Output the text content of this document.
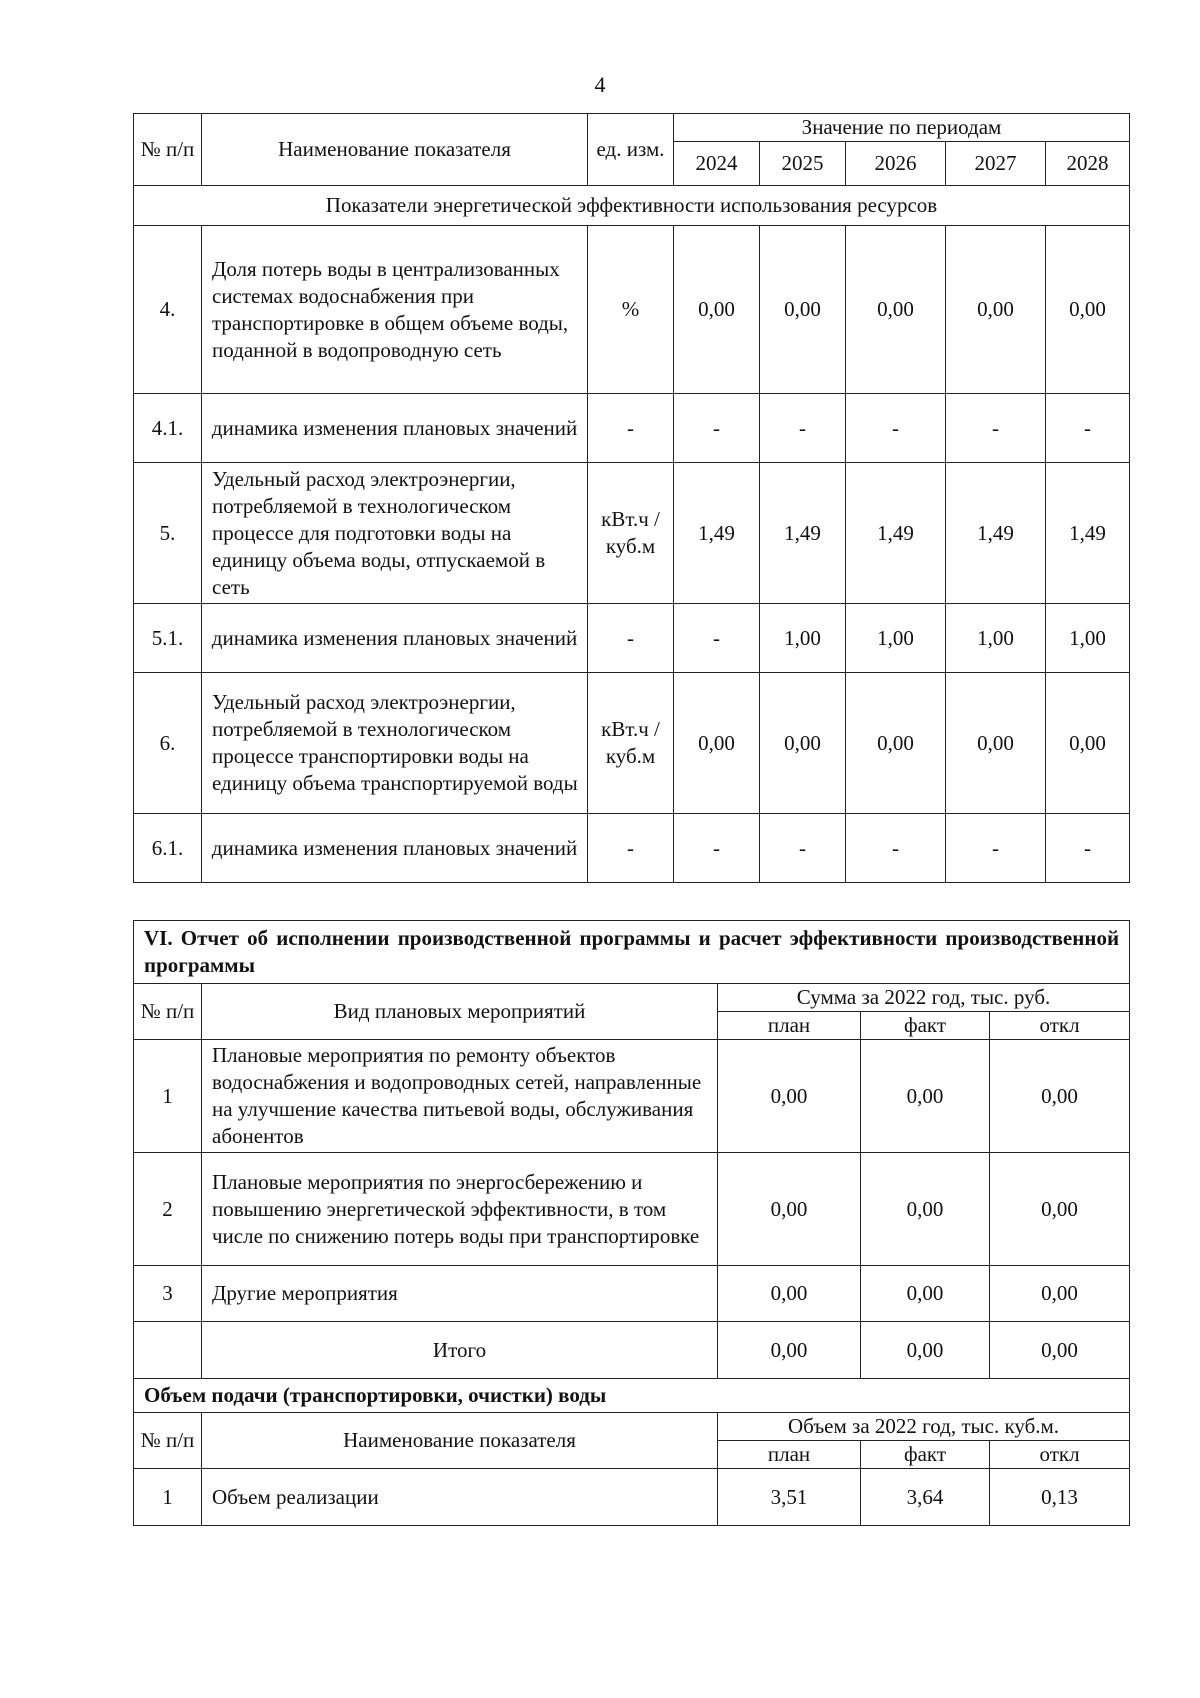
4
№ п/п	Наименование показателя	ед. изм.	Значение по периодам				
			2024	2025	2026	2027	2028
Показатели энергетической эффективности использования ресурсов							
4.	Доля потерь воды в централизованных системах водоснабжения при транспортировке в общем объеме воды, поданной в водопроводную сеть	%	0,00	0,00	0,00	0,00	0,00
4.1.	динамика изменения плановых значений	-	-	-	-	-	-
5.	Удельный расход электроэнергии, потребляемой в технологическом процессе для подготовки воды на единицу объема воды, отпускаемой в сеть	кВт.ч / куб.м	1,49	1,49	1,49	1,49	1,49
5.1.	динамика изменения плановых значений	-	-	1,00	1,00	1,00	1,00
6.	Удельный расход электроэнергии, потребляемой в технологическом процессе транспортировки воды на единицу объема транспортируемой воды	кВт.ч / куб.м	0,00	0,00	0,00	0,00	0,00
6.1.	динамика изменения плановых значений	-	-	-	-	-	-
VI. Отчет об исполнении производственной программы и расчет эффективности производственной программы				
№ п/п	Вид плановых мероприятий	Сумма за 2022 год, тыс. руб.		
		план	факт	откл
1	Плановые мероприятия по ремонту объектов водоснабжения и водопроводных сетей, направленные на улучшение качества питьевой воды, обслуживания абонентов	0,00	0,00	0,00
2	Плановые мероприятия по энергосбережению и повышению энергетической эффективности, в том числе по снижению потерь воды при транспортировке	0,00	0,00	0,00
3	Другие мероприятия	0,00	0,00	0,00
	Итого	0,00	0,00	0,00
Объем подачи (транспортировки, очистки) воды				
№ п/п	Наименование показателя	Объем за 2022 год, тыс. куб.м.		
		план	факт	откл
1	Объем реализации	3,51	3,64	0,13
